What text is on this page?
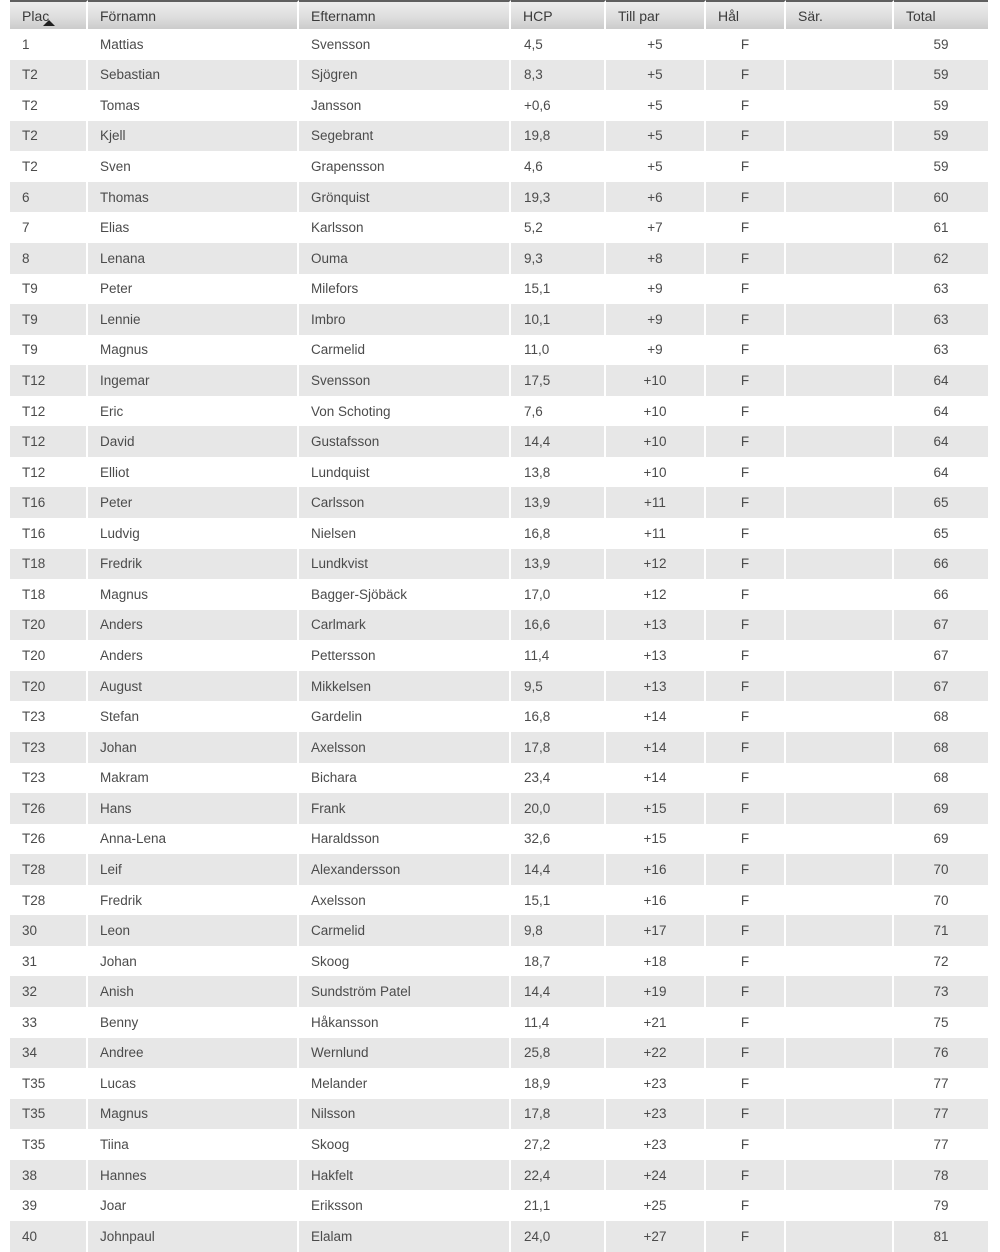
Plac	Förnamn	Efternamn	HCP	Till par	Hål	Sär.	Total
1	Mattias	Svensson	4,5	+5	F		59
T2	Sebastian	Sjögren	8,3	+5	F		59
T2	Tomas	Jansson	+0,6	+5	F		59
T2	Kjell	Segebrant	19,8	+5	F		59
T2	Sven	Grapensson	4,6	+5	F		59
6	Thomas	Grönquist	19,3	+6	F		60
7	Elias	Karlsson	5,2	+7	F		61
8	Lenana	Ouma	9,3	+8	F		62
T9	Peter	Milefors	15,1	+9	F		63
T9	Lennie	Imbro	10,1	+9	F		63
T9	Magnus	Carmelid	11,0	+9	F		63
T12	Ingemar	Svensson	17,5	+10	F		64
T12	Eric	Von Schoting	7,6	+10	F		64
T12	David	Gustafsson	14,4	+10	F		64
T12	Elliot	Lundquist	13,8	+10	F		64
T16	Peter	Carlsson	13,9	+11	F		65
T16	Ludvig	Nielsen	16,8	+11	F		65
T18	Fredrik	Lundkvist	13,9	+12	F		66
T18	Magnus	Bagger-Sjöbäck	17,0	+12	F		66
T20	Anders	Carlmark	16,6	+13	F		67
T20	Anders	Pettersson	11,4	+13	F		67
T20	August	Mikkelsen	9,5	+13	F		67
T23	Stefan	Gardelin	16,8	+14	F		68
T23	Johan	Axelsson	17,8	+14	F		68
T23	Makram	Bichara	23,4	+14	F		68
T26	Hans	Frank	20,0	+15	F		69
T26	Anna-Lena	Haraldsson	32,6	+15	F		69
T28	Leif	Alexandersson	14,4	+16	F		70
T28	Fredrik	Axelsson	15,1	+16	F		70
30	Leon	Carmelid	9,8	+17	F		71
31	Johan	Skoog	18,7	+18	F		72
32	Anish	Sundström Patel	14,4	+19	F		73
33	Benny	Håkansson	11,4	+21	F		75
34	Andree	Wernlund	25,8	+22	F		76
T35	Lucas	Melander	18,9	+23	F		77
T35	Magnus	Nilsson	17,8	+23	F		77
T35	Tiina	Skoog	27,2	+23	F		77
38	Hannes	Hakfelt	22,4	+24	F		78
39	Joar	Eriksson	21,1	+25	F		79
40	Johnpaul	Elalam	24,0	+27	F		81
